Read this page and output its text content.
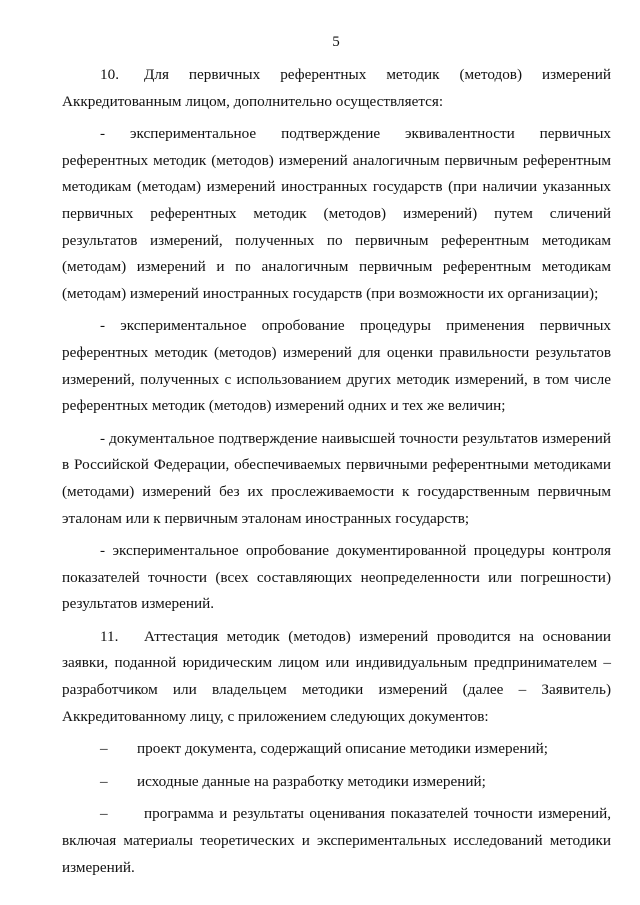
5

10. Для первичных референтных методик (методов) измерений Аккредитованным лицом, дополнительно осуществляется:

- экспериментальное подтверждение эквивалентности первичных референтных методик (методов) измерений аналогичным первичным референтным методикам (методам) измерений иностранных государств (при наличии указанных первичных референтных методик (методов) измерений) путем сличений результатов измерений, полученных по первичным референтным методикам (методам) измерений и по аналогичным первичным референтным методикам (методам) измерений иностранных государств (при возможности их организации);

- экспериментальное опробование процедуры применения первичных референтных методик (методов) измерений для оценки правильности результатов измерений, полученных с использованием других методик измерений, в том числе референтных методик (методов) измерений одних и тех же величин;

- документальное подтверждение наивысшей точности результатов измерений в Российской Федерации, обеспечиваемых первичными референтными методиками (методами) измерений без их прослеживаемости к государственным первичным эталонам или к первичным эталонам иностранных государств;

- экспериментальное опробование документированной процедуры контроля показателей точности (всех составляющих неопределенности или погрешности) результатов измерений.

11. Аттестация методик (методов) измерений проводится на основании заявки, поданной юридическим лицом или индивидуальным предпринимателем – разработчиком или владельцем методики измерений (далее – Заявитель) Аккредитованному лицу, с приложением следующих документов:

–	проект документа, содержащий описание методики измерений;

–	исходные данные на разработку методики измерений;

– программа и результаты оценивания показателей точности измерений, включая материалы теоретических и экспериментальных исследований методики измерений.
